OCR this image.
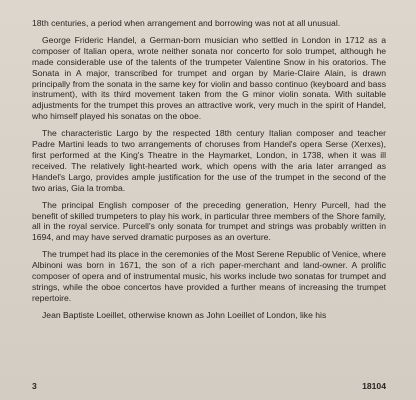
18th centuries, a period when arrangement and borrowing was not at all unusual.

George Frideric Handel, a German-born musician who settled in London in 1712 as a composer of Italian opera, wrote neither sonata nor concerto for solo trumpet, although he made considerable use of the talents of the trumpeter Valentine Snow in his oratorios. The Sonata in A major, transcribed for trumpet and organ by Marie-Claire Alain, is drawn principally from the sonata in the same key for violin and basso continuo (keyboard and bass instrument), with its third movement taken from the G minor violin sonata. With suitable adjustments for the trumpet this proves an attractive work, very much in the spirit of Handel, who himself played his sonatas on the oboe.

The characteristic Largo by the respected 18th century Italian composer and teacher Padre Martini leads to two arrangements of choruses from Handel's opera Serse (Xerxes), first performed at the King's Theatre in the Haymarket, London, in 1738, when it was ill received. The relatively light-hearted work, which opens with the aria later arranged as Handel's Largo, provides ample justification for the use of the trumpet in the second of the two arias, Gia la tromba.

The principal English composer of the preceding generation, Henry Purcell, had the benefit of skilled trumpeters to play his work, in particular three members of the Shore family, all in the royal service. Purcell's only sonata for trumpet and strings was probably written in 1694, and may have served dramatic purposes as an overture.

The trumpet had its place in the ceremonies of the Most Serene Republic of Venice, where Albinoni was born in 1671, the son of a rich paper-merchant and land-owner. A prolific composer of opera and of instrumental music, his works include two sonatas for trumpet and strings, while the oboe concertos have provided a further means of increasing the trumpet repertoire.

Jean Baptiste Loeillet, otherwise known as John Loeillet of London, like his

3	18104
